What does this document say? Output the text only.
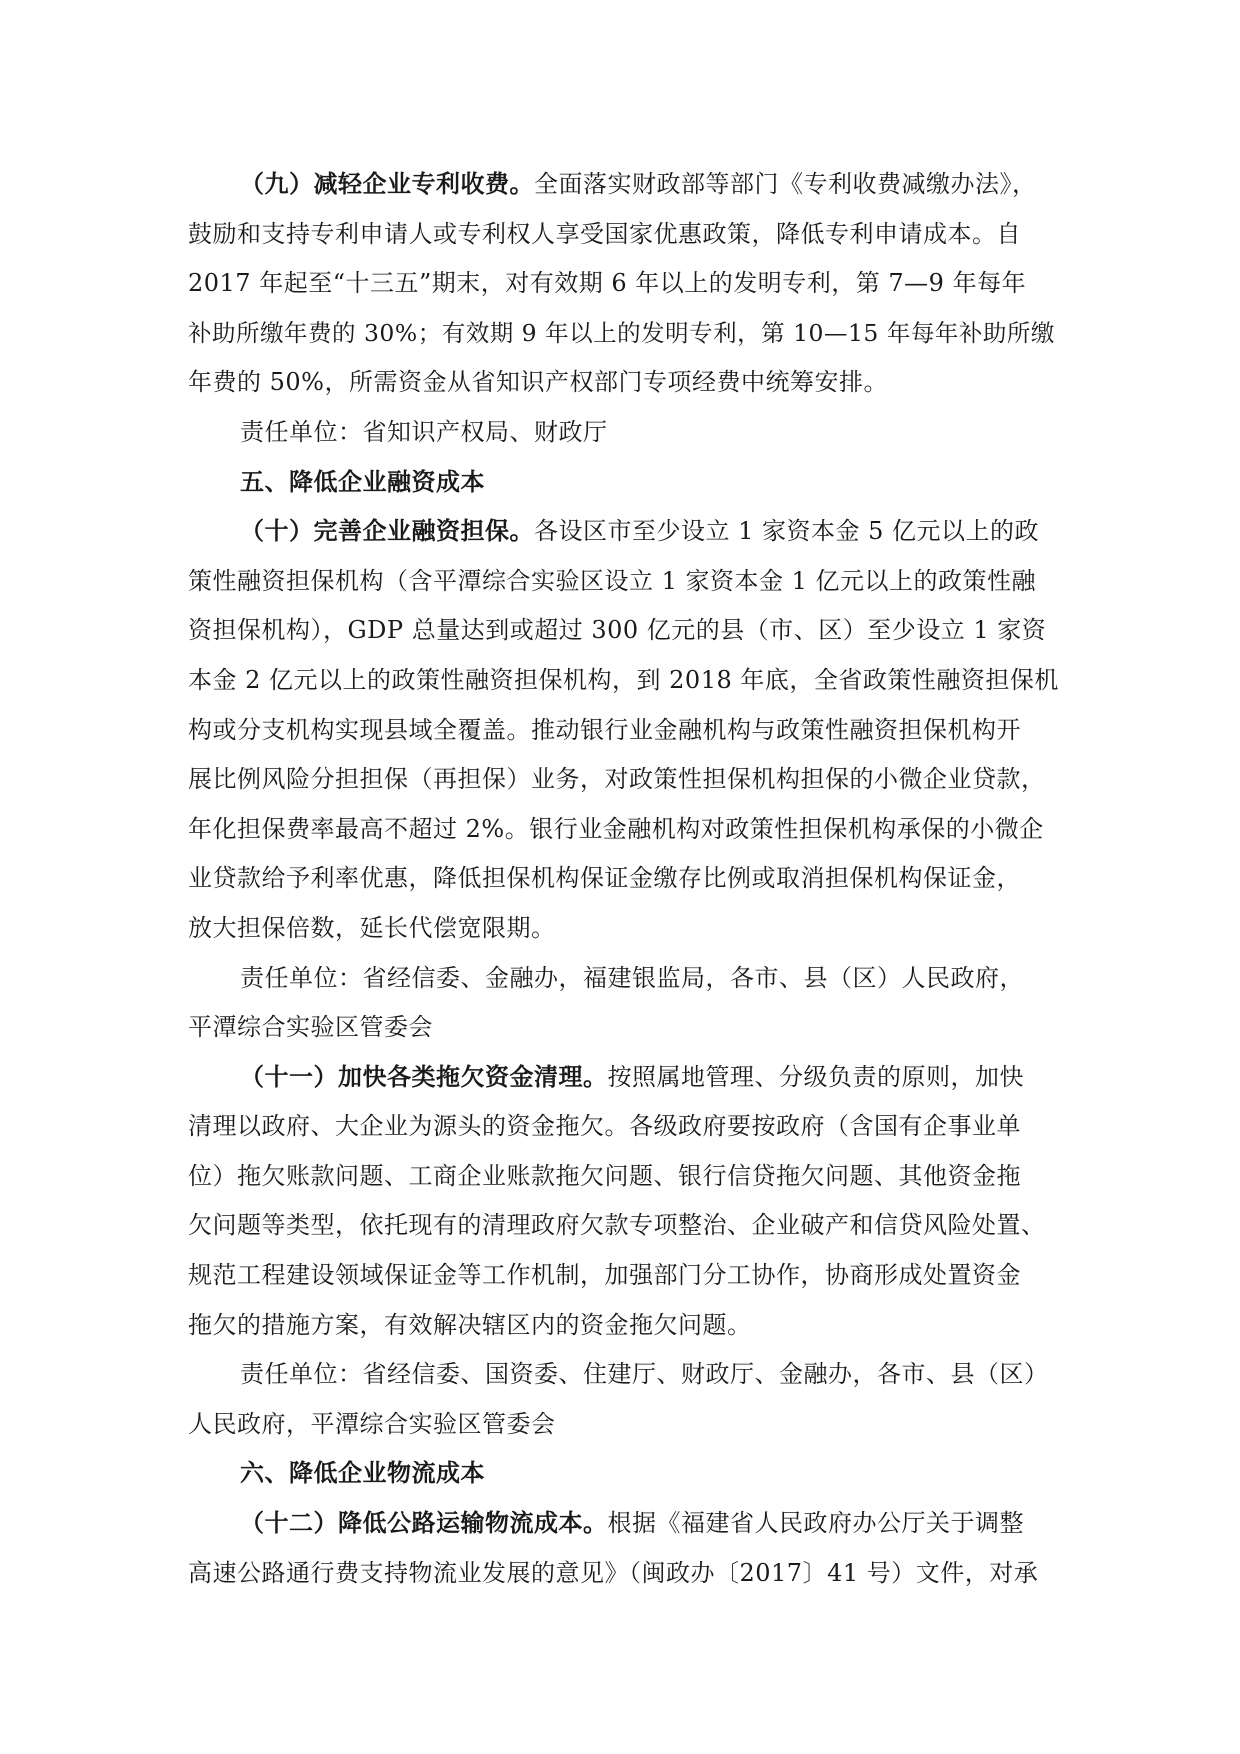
（九）减轻企业专利收费。全面落实财政部等部门《专利收费减缴办法》，
鼓励和支持专利申请人或专利权人享受国家优惠政策，降低专利申请成本。自
2017 年起至“十三五”期末，对有效期 6 年以上的发明专利，第 7—9 年每年
补助所缴年费的 30%；有效期 9 年以上的发明专利，第 10—15 年每年补助所缴
年费的 50%，所需资金从省知识产权部门专项经费中统筹安排。
责任单位：省知识产权局、财政厅
五、降低企业融资成本
（十）完善企业融资担保。各设区市至少设立 1 家资本金 5 亿元以上的政
策性融资担保机构（含平潭综合实验区设立 1 家资本金 1 亿元以上的政策性融
资担保机构），GDP 总量达到或超过 300 亿元的县（市、区）至少设立 1 家资
本金 2 亿元以上的政策性融资担保机构，到 2018 年底，全省政策性融资担保机
构或分支机构实现县域全覆盖。推动银行业金融机构与政策性融资担保机构开
展比例风险分担担保（再担保）业务，对政策性担保机构担保的小微企业贷款，
年化担保费率最高不超过 2%。银行业金融机构对政策性担保机构承保的小微企
业贷款给予利率优惠，降低担保机构保证金缴存比例或取消担保机构保证金，
放大担保倍数，延长代偿宽限期。
责任单位：省经信委、金融办，福建银监局，各市、县（区）人民政府，
平潭综合实验区管委会
（十一）加快各类拖欠资金清理。按照属地管理、分级负责的原则，加快
清理以政府、大企业为源头的资金拖欠。各级政府要按政府（含国有企事业单
位）拖欠账款问题、工商企业账款拖欠问题、银行信贷拖欠问题、其他资金拖
欠问题等类型，依托现有的清理政府欠款专项整治、企业破产和信贷风险处置、
规范工程建设领域保证金等工作机制，加强部门分工协作，协商形成处置资金
拖欠的措施方案，有效解决辖区内的资金拖欠问题。
责任单位：省经信委、国资委、住建厅、财政厅、金融办，各市、县（区）
人民政府，平潭综合实验区管委会
六、降低企业物流成本
（十二）降低公路运输物流成本。根据《福建省人民政府办公厅关于调整
高速公路通行费支持物流业发展的意见》（闽政办〔2017〕41 号）文件，对承
